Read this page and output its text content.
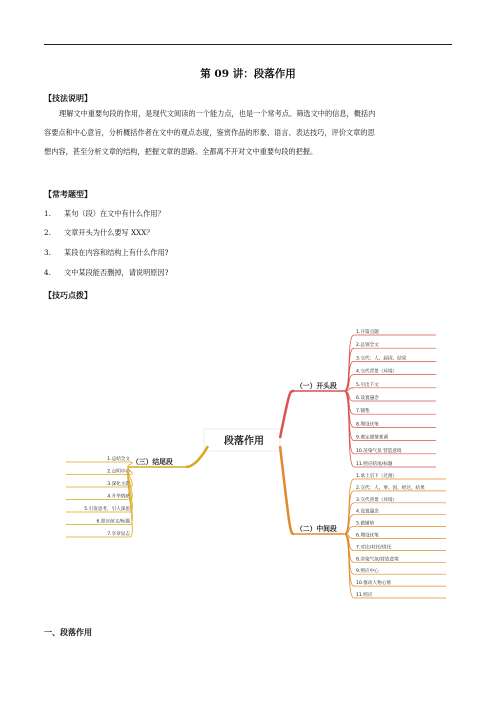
第 09 讲：段落作用
【技法说明】
理解文中重要句段的作用，是现代文阅读的一个能力点，也是一个常考点。筛选文中的信息，概括内
容要点和中心意旨，分析概括作者在文中的观点态度，鉴赏作品的形象、语言、表达技巧，评价文章的思
想内容，甚至分析文章的结构，把握文章的思路。全都离不开对文中重要句段的把握。
【常考题型】
1. 某句（段）在文中有什么作用？
2. 文章开头为什么要写 XXX？
3. 某段在内容和结构上有什么作用?
4. 文中某段能否删掉，请说明原因?
【技巧点拨】
段落作用
（一）开头段
1.开篇点题
2.总领全文
3.交代：人、起因、结果
4.交代背景（环境）
5.引出下文
6.设置悬念
7.铺垫
8.埋设伏笔
9.奠定感情基调
10.渲染气氛 营造意境
11.照应结尾/标题
（二）中间段
1.承上启下（过渡）
2.交代：人、事、因、经过、结果
3.交代背景（环境）
4.设置悬念
5.做铺垫
6.埋设伏笔
7.对比/衬托/烘托
8.渲染气氛/营造意境
9.照应中心
10.推动人物心情
11.照应
（三）结尾段
1.总结全文
2.点明中心
3.深化主题
4.升华情感
5.引发思考，引人深思
6.照应前文/标题
7.卒章显志
一、段落作用
